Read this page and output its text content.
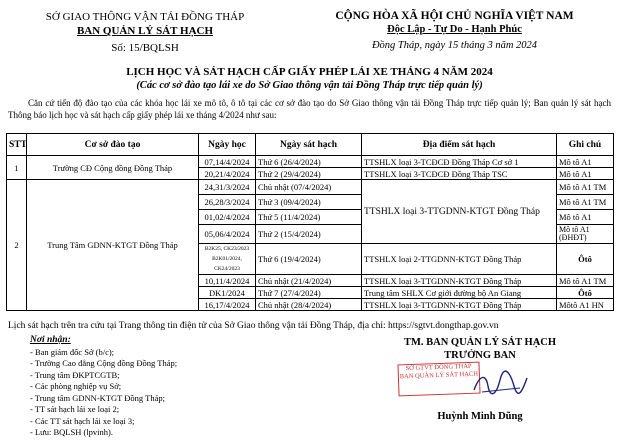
SỞ GIAO THÔNG VẬN TẢI ĐỒNG THÁP
BAN QUẢN LÝ SÁT HẠCH
Số: 15/BQLSH
CỘNG HÒA XÃ HỘI CHỦ NGHĨA VIỆT NAM
Độc Lập - Tự Do - Hạnh Phúc
Đồng Tháp, ngày 15 tháng 3 năm 2024
LỊCH HỌC VÀ SÁT HẠCH CẤP GIẤY PHÉP LÁI XE THÁNG 4 NĂM 2024
(Các cơ sở đào tạo lái xe do Sở Giao thông vận tải Đồng Tháp trực tiếp quản lý)
Căn cứ tiến độ đào tạo của các khóa học lái xe mô tô, ô tô tại các cơ sở đào tạo do Sở Giao thông vận tải Đồng Tháp trực tiếp quản lý; Ban quản lý sát hạch Thông báo lịch học và sát hạch cấp giấy phép lái xe tháng 4/2024 như sau:
STT	Cơ sở đào tạo	Ngày học	Ngày sát hạch	Địa điểm sát hạch	Ghi chú
1	Trường CĐ Cộng đồng Đồng Tháp	07,14/4/2024	Thứ 6 (26/4/2024)	TTSHLX loại 3-TCĐCĐ Đồng Tháp Cơ sở 1	Mô tô A1
		20,21/4/2024	Thứ 2 (29/4/2024)	TTSHLX loại 3-TCĐCĐ Đồng Tháp TSC	Mô tô A1
2	Trung Tâm GDNN-KTGT Đồng Tháp	24,31/3/2024	Chủ nhật (07/4/2024)	TTSHLX loại 3-TTGDNN-KTGT Đồng Tháp	Mô tô A1 TM
		26,28/3/2024	Thứ 3 (09/4/2024)		Mô tô A1 TM
		01,02/4/2024	Thứ 5 (11/4/2024)		Mô tô A1
		05,06/4/2024	Thứ 2 (15/4/2024)		Mô tô A1 (ĐHĐT)
		B2K25, CK23/2023 B2K01/2024, CK24/2023	Thứ 6 (19/4/2024)	TTSHLX loại 2-TTGDNN-KTGT Đồng Tháp	Ôtô
		10,11/4/2024	Chủ nhật (21/4/2024)	TTSHLX loại 3-TTGDNN-KTGT Đồng Tháp	Mô tô A1 TM
		DK1/2024	Thứ 7 (27/4/2024)	Trung tâm SHLX Cơ giới đường bộ An Giang	Ôtô
		16,17/4/2024	Chủ nhật (28/4/2024)	TTSHLX loại 3-TTGDNN-KTGT Đồng Tháp	Môtô A1 HN
Lịch sát hạch trên tra cứu tại Trang thông tin điện tử của Sở Giao thông vận tải Đồng Tháp, địa chỉ: https://sgtvt.dongthap.gov.vn
Nơi nhận:
- Ban giám đốc Sở (b/c);
- Trường Cao đẳng Cộng đồng Đồng Tháp;
- Trung tâm ĐKPTCGTB;
- Các phòng nghiệp vụ Sở;
- Trung tâm GDNN-KTGT Đồng Tháp;
- TT sát hạch lái xe loại 2;
- Các TT sát hạch lái xe loại 3;
- Lưu: BQLSH (lpvinh).
TM. BAN QUẢN LÝ SÁT HẠCH
TRƯỞNG BAN
Huỳnh Minh Dũng
SỞ GTVT ĐỒNG THÁP BAN QUẢN LÝ SÁT HẠCH
